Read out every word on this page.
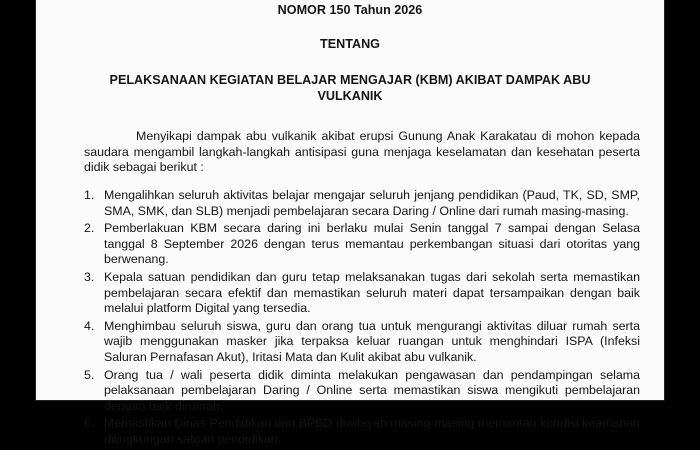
NOMOR 150 Tahun 2026
TENTANG
PELAKSANAAN KEGIATAN BELAJAR MENGAJAR (KBM) AKIBAT DAMPAK ABU
VULKANIK
Menyikapi dampak abu vulkanik akibat erupsi Gunung Anak Karakatau di mohon kepada saudara mengambil langkah-langkah antisipasi guna menjaga keselamatan dan kesehatan peserta didik sebagai berikut :
1. Mengalihkan seluruh aktivitas belajar mengajar seluruh jenjang pendidikan (Paud, TK, SD, SMP, SMA, SMK, dan SLB) menjadi pembelajaran secara Daring / Online dari rumah masing-masing.
2. Pemberlakuan KBM secara daring ini berlaku mulai Senin tanggal 7 sampai dengan Selasa tanggal 8 September 2026 dengan terus memantau perkembangan situasi dari otoritas yang berwenang.
3. Kepala satuan pendidikan dan guru tetap melaksanakan tugas dari sekolah serta memastikan pembelajaran secara efektif dan memastikan seluruh materi dapat tersampaikan dengan baik melalui platform Digital yang tersedia.
4. Menghimbau seluruh siswa, guru dan orang tua untuk mengurangi aktivitas diluar rumah serta wajib menggunakan masker jika terpaksa keluar ruangan untuk menghindari ISPA (Infeksi Saluran Pernafasan Akut), Iritasi Mata dan Kulit akibat abu vulkanik.
5. Orang tua / wali peserta didik diminta melakukan pengawasan dan pendampingan selama pelaksanaan pembelajaran Daring / Online serta memastikan siswa mengikuti pembelajaran dengan baik dirumah.
6. Memastikan Dinas Pendidikan dan BPBD diwilayah masing-masing memantau kondisi keamanan dilingkungan satuan pendidikan.
